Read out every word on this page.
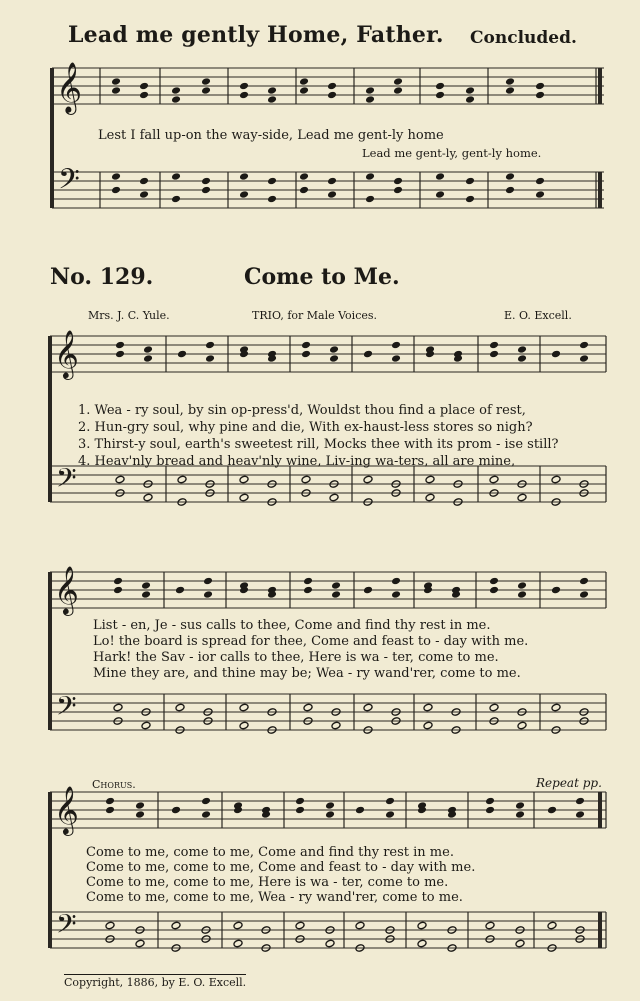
Lead me gently Home, Father. Concluded.
Lest I fall up-on the way-side, Lead me gent-ly home
Lead me gent-ly, gent-ly home.
No. 129.	Come to Me.
Mrs. J. C. Yule.	TRIO, for Male Voices.	E. O. Excell.
1. Wea - ry soul, by sin op-press'd, Wouldst thou find a place of rest,
2. Hun-gry soul, why pine and die, With ex-haust-less stores so nigh?
3. Thirst-y soul, earth's sweetest rill, Mocks thee with its prom - ise still?
4. Heav'nly bread and heav'nly wine, Liv-ing wa-ters, all are mine,
List - en, Je - sus calls to thee, Come and find thy rest in me.
Lo! the board is spread for thee, Come and feast to - day with me.
Hark! the Sav - ior calls to thee, Here is wa - ter, come to me.
Mine they are, and thine may be; Wea - ry wand'rer, come to me.
Chorus.	Repeat pp.
Come to me, come to me, Come and find thy rest in me.
Come to me, come to me, Come and feast to - day with me.
Come to me, come to me, Here is wa - ter, come to me.
Come to me, come to me, Wea - ry wand'rer, come to me.
Copyright, 1886, by E. O. Excell.
𝄞
𝄢
𝄞
𝄢
𝄞
𝄢
𝄞
𝄢
